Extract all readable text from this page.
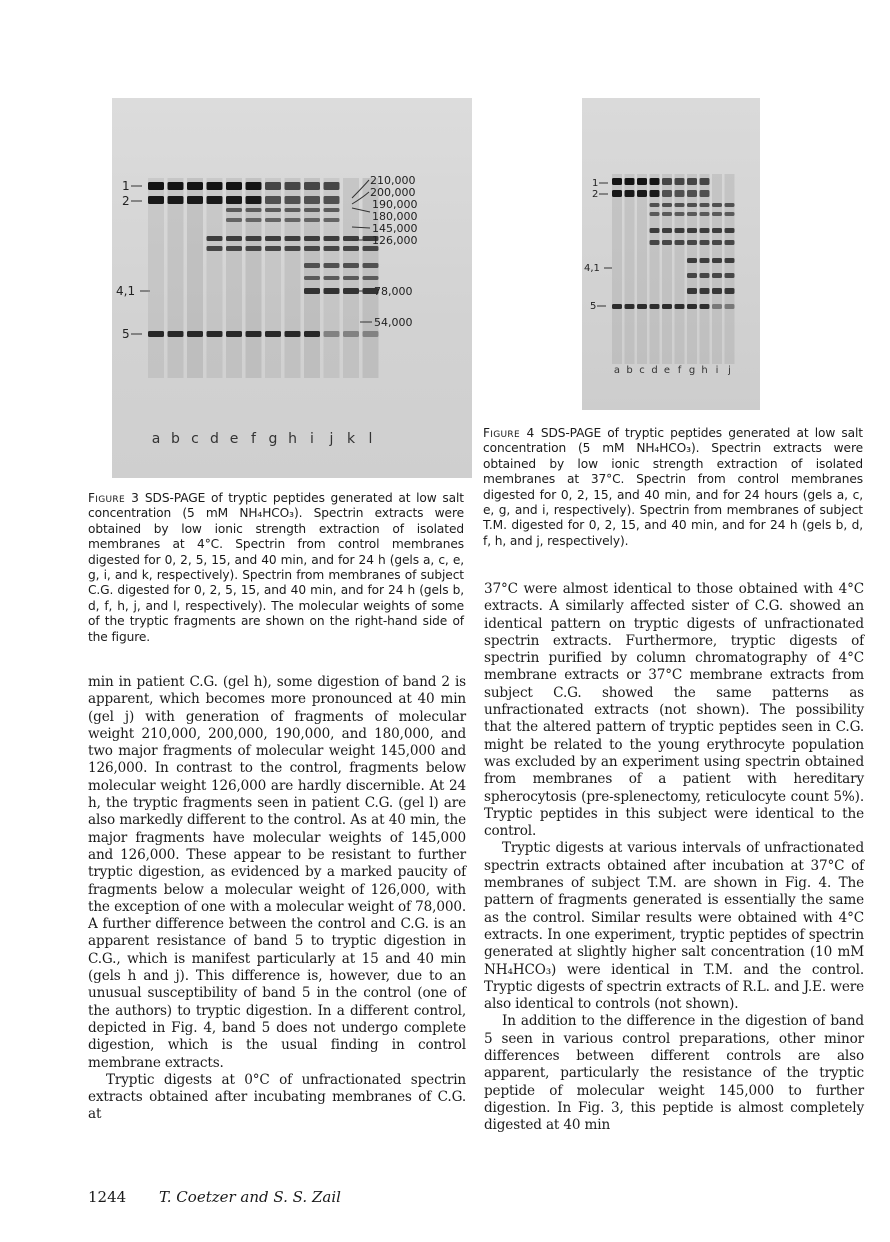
1
2
4,1
5
210,000
200,000
190,000
180,000
145,000
126,000
78,000
54,000
a b c d e f g h i j k l
Figure 3 SDS-PAGE of tryptic peptides generated at low salt concentration (5 mM NH₄HCO₃). Spectrin extracts were obtained by low ionic strength extraction of isolated membranes at 4°C. Spectrin from control membranes digested for 0, 2, 5, 15, and 40 min, and for 24 h (gels a, c, e, g, i, and k, respectively). Spectrin from membranes of subject C.G. digested for 0, 2, 5, 15, and 40 min, and for 24 h (gels b, d, f, h, j, and l, respectively). The molecular weights of some of the tryptic fragments are shown on the right-hand side of the figure.
1
2
4,1
5
a b c d e f g h i j
Figure 4 SDS-PAGE of tryptic peptides generated at low salt concentration (5 mM NH₄HCO₃). Spectrin extracts were obtained by low ionic strength extraction of isolated membranes at 37°C. Spectrin from control membranes digested for 0, 2, 15, and 40 min, and for 24 hours (gels a, c, e, g, and i, respectively). Spectrin from membranes of subject T.M. digested for 0, 2, 15, and 40 min, and for 24 h (gels b, d, f, h, and j, respectively).

min in patient C.G. (gel h), some digestion of band 2 is apparent, which becomes more pronounced at 40 min (gel j) with generation of fragments of molecular weight 210,000, 200,000, 190,000, and 180,000, and two major fragments of molecular weight 145,000 and 126,000. In contrast to the control, fragments below molecular weight 126,000 are hardly discernible. At 24 h, the tryptic fragments seen in patient C.G. (gel l) are also markedly different to the control. As at 40 min, the major fragments have molecular weights of 145,000 and 126,000. These appear to be resistant to further tryptic digestion, as evidenced by a marked paucity of fragments below a molecular weight of 126,000, with the exception of one with a molecular weight of 78,000. A further difference between the control and C.G. is an apparent resistance of band 5 to tryptic digestion in C.G., which is manifest particularly at 15 and 40 min (gels h and j). This difference is, however, due to an unusual susceptibility of band 5 in the control (one of the authors) to tryptic digestion. In a different control, depicted in Fig. 4, band 5 does not undergo complete digestion, which is the usual finding in control membrane extracts.

Tryptic digests at 0°C of unfractionated spectrin extracts obtained after incubating membranes of C.G. at

37°C were almost identical to those obtained with 4°C extracts. A similarly affected sister of C.G. showed an identical pattern on tryptic digests of unfractionated spectrin extracts. Furthermore, tryptic digests of spectrin purified by column chromatography of 4°C membrane extracts or 37°C membrane extracts from subject C.G. showed the same patterns as unfractionated extracts (not shown). The possibility that the altered pattern of tryptic peptides seen in C.G. might be related to the young erythrocyte population was excluded by an experiment using spectrin obtained from membranes of a patient with hereditary spherocytosis (pre-splenectomy, reticulocyte count 5%). Tryptic peptides in this subject were identical to the control.

Tryptic digests at various intervals of unfractionated spectrin extracts obtained after incubation at 37°C of membranes of subject T.M. are shown in Fig. 4. The pattern of fragments generated is essentially the same as the control. Similar results were obtained with 4°C extracts. In one experiment, tryptic peptides of spectrin generated at slightly higher salt concentration (10 mM NH₄HCO₃) were identical in T.M. and the control. Tryptic digests of spectrin extracts of R.L. and J.E. were also identical to controls (not shown).

In addition to the difference in the digestion of band 5 seen in various control preparations, other minor differences between different controls are also apparent, particularly the resistance of the tryptic peptide of molecular weight 145,000 to further digestion. In Fig. 3, this peptide is almost completely digested at 40 min

1244 T. Coetzer and S. S. Zail
